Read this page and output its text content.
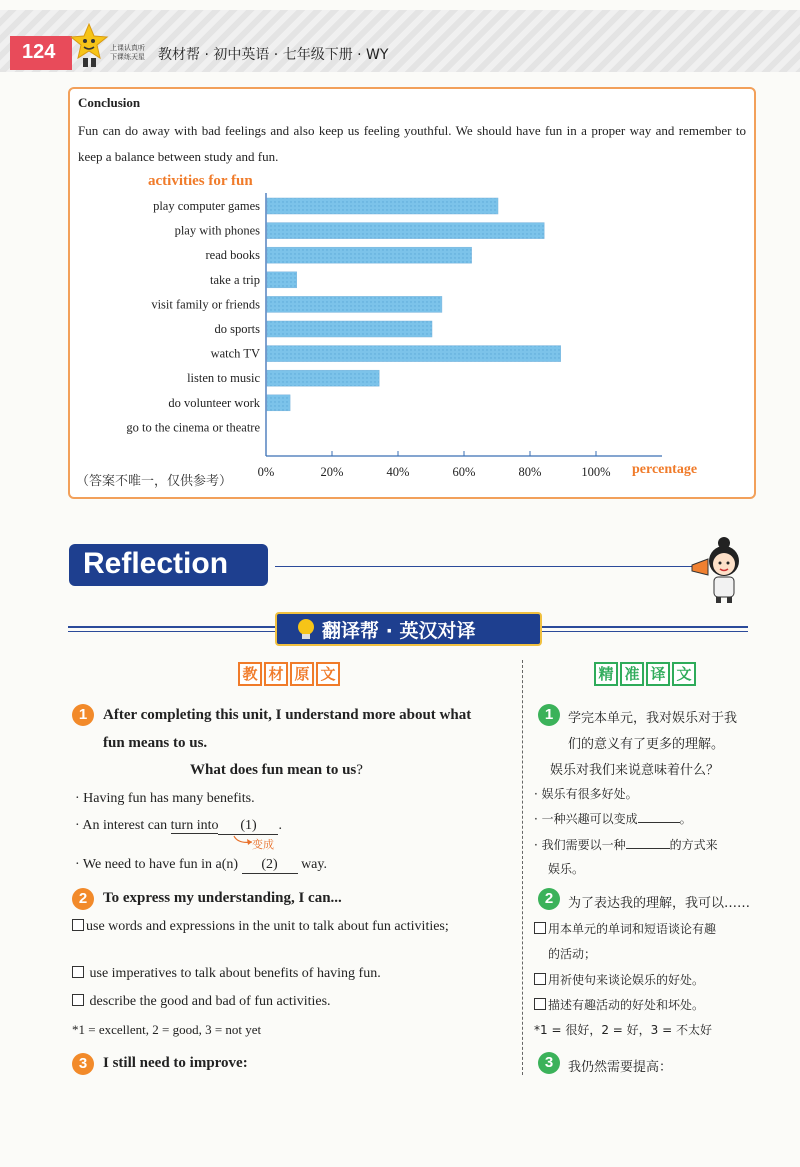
124	上课认真听
下课练天星 教材帮 · 初中英语 · 七年级下册 · WY
Conclusion
Fun can do away with bad feelings and also keep us feeling youthful. We should have fun in a proper way and remember to keep a balance between study and fun.
activities for fun
play computer games
play with phones
read books
take a trip
visit family or friends
do sports
watch TV
listen to music
do volunteer work
go to the cinema or theatre
0%	20%	40%	60%	80%	100% percentage
（答案不唯一，仅供参考）
Reflection
翻译帮 · 英汉对译
教 材 原 文	精 准 译 文
1	After completing this unit, I understand more about what
fun means to us.
What does fun mean to us?
· Having fun has many benefits.
· An interest can turn into (1) .
变成
· We need to have fun in a(n) (2) way.
2	To express my understanding, I can...
use words and expressions in the unit to talk about fun activities;
use imperatives to talk about benefits of having fun.
describe the good and bad of fun activities.
*1 = excellent, 2 = good, 3 = not yet
3	I still need to improve:
1	学完本单元，我对娱乐对于我
们的意义有了更多的理解。
娱乐对我们来说意味着什么？
· 娱乐有很多好处。
· 一种兴趣可以变成	。
· 我们需要以一种	的方式来
娱乐。
2	为了表达我的理解，我可以……
用本单元的单词和短语谈论有趣
的活动；
用祈使句来谈论娱乐的好处。
描述有趣活动的好处和坏处。
*1 = 很好，2 = 好，3 = 不太好
3	我仍然需要提高：
